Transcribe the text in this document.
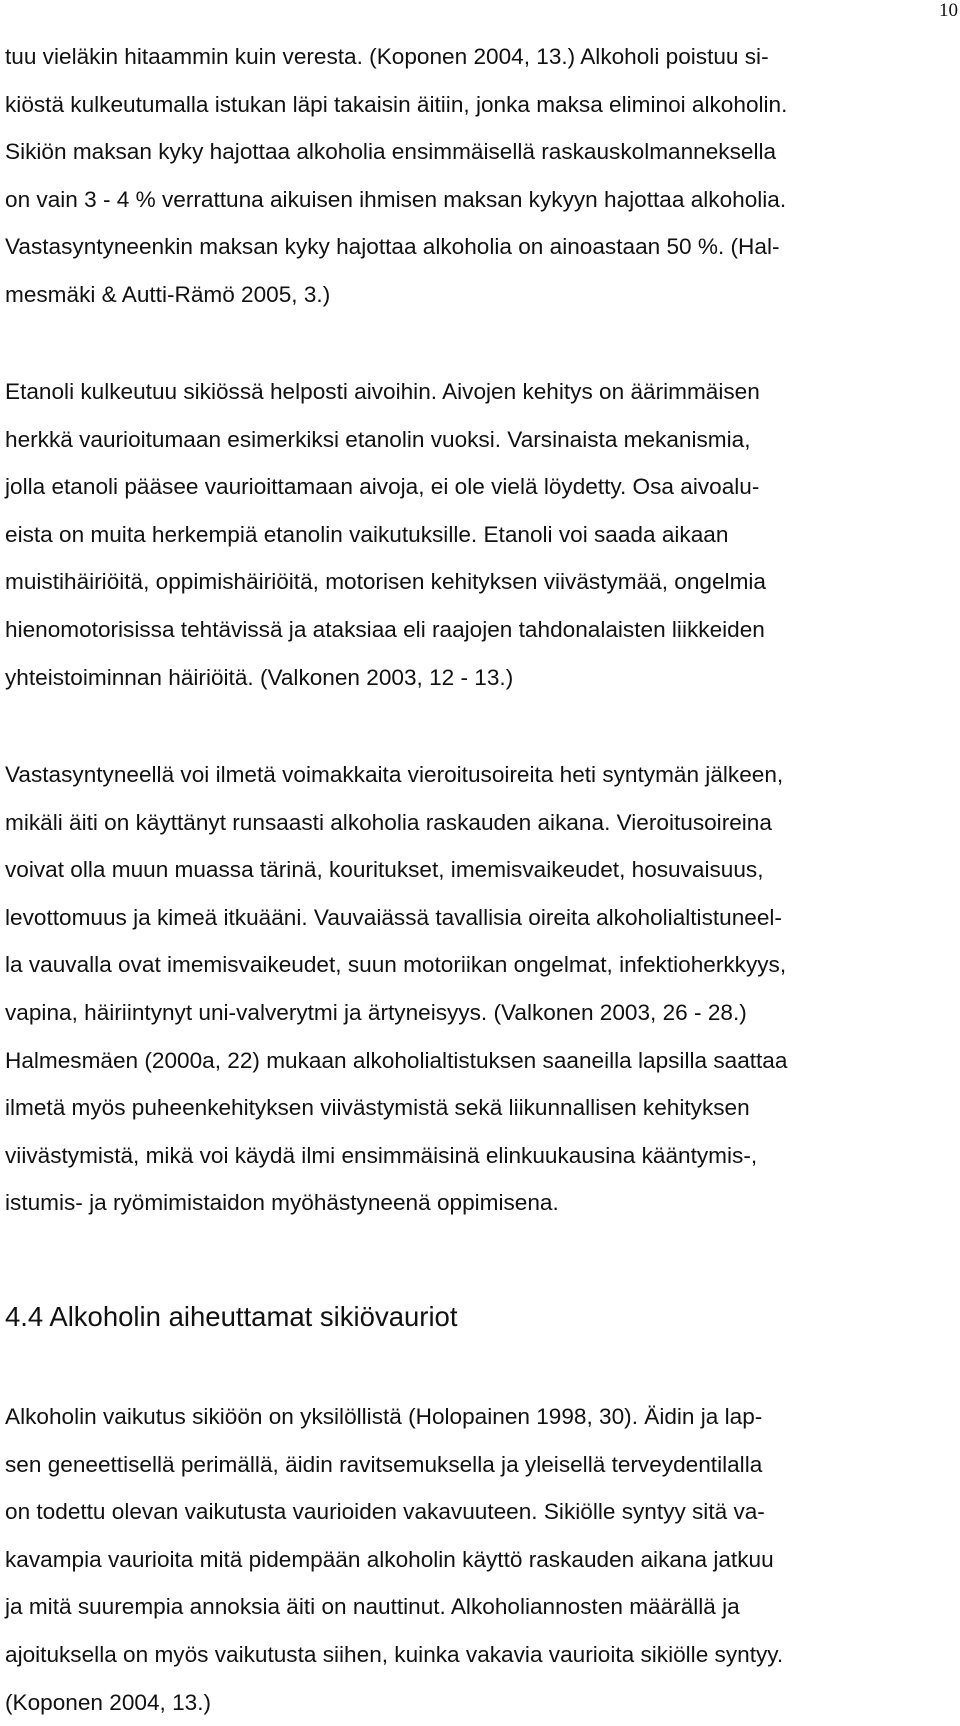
10

tuu vieläkin hitaammin kuin veresta. (Koponen 2004, 13.) Alkoholi poistuu si-
kiöstä kulkeutumalla istukan läpi takaisin äitiin, jonka maksa eliminoi alkoholin.
Sikiön maksan kyky hajottaa alkoholia ensimmäisellä raskauskolmanneksella
on vain 3 - 4 % verrattuna aikuisen ihmisen maksan kykyyn hajottaa alkoholia.
Vastasyntyneenkin maksan kyky hajottaa alkoholia on ainoastaan 50 %. (Hal-
mesmäki & Autti-Rämö 2005, 3.)

Etanoli kulkeutuu sikiössä helposti aivoihin. Aivojen kehitys on äärimmäisen
herkkä vaurioitumaan esimerkiksi etanolin vuoksi. Varsinaista mekanismia,
jolla etanoli pääsee vaurioittamaan aivoja, ei ole vielä löydetty. Osa aivoalu-
eista on muita herkempiä etanolin vaikutuksille. Etanoli voi saada aikaan
muistihäiriöitä, oppimishäiriöitä, motorisen kehityksen viivästymää, ongelmia
hienomotorisissa tehtävissä ja ataksiaa eli raajojen tahdonalaisten liikkeiden
yhteistoiminnan häiriöitä. (Valkonen 2003, 12 - 13.)

Vastasyntyneellä voi ilmetä voimakkaita vieroitusoireita heti syntymän jälkeen,
mikäli äiti on käyttänyt runsaasti alkoholia raskauden aikana. Vieroitusoireina
voivat olla muun muassa tärinä, kouritukset, imemisvaikeudet, hosuvaisuus,
levottomuus ja kimeä itkuääni. Vauvaiässä tavallisia oireita alkoholialtistuneel-
la vauvalla ovat imemisvaikeudet, suun motoriikan ongelmat, infektioherkkyys,
vapina, häiriintynyt uni-valverytmi ja ärtyneisyys. (Valkonen 2003, 26 - 28.)
Halmesmäen (2000a, 22) mukaan alkoholialtistuksen saaneilla lapsilla saattaa
ilmetä myös puheenkehityksen viivästymistä sekä liikunnallisen kehityksen
viivästymistä, mikä voi käydä ilmi ensimmäisinä elinkuukausina kääntymis-,
istumis- ja ryömimistaidon myöhästyneenä oppimisena.

4.4 Alkoholin aiheuttamat sikiövauriot

Alkoholin vaikutus sikiöön on yksilöllistä (Holopainen 1998, 30). Äidin ja lap-
sen geneettisellä perimällä, äidin ravitsemuksella ja yleisellä terveydentilalla
on todettu olevan vaikutusta vaurioiden vakavuuteen. Sikiölle syntyy sitä va-
kavampia vaurioita mitä pidempään alkoholin käyttö raskauden aikana jatkuu
ja mitä suurempia annoksia äiti on nauttinut. Alkoholiannosten määrällä ja
ajoituksella on myös vaikutusta siihen, kuinka vakavia vaurioita sikiölle syntyy.
(Koponen 2004, 13.)
